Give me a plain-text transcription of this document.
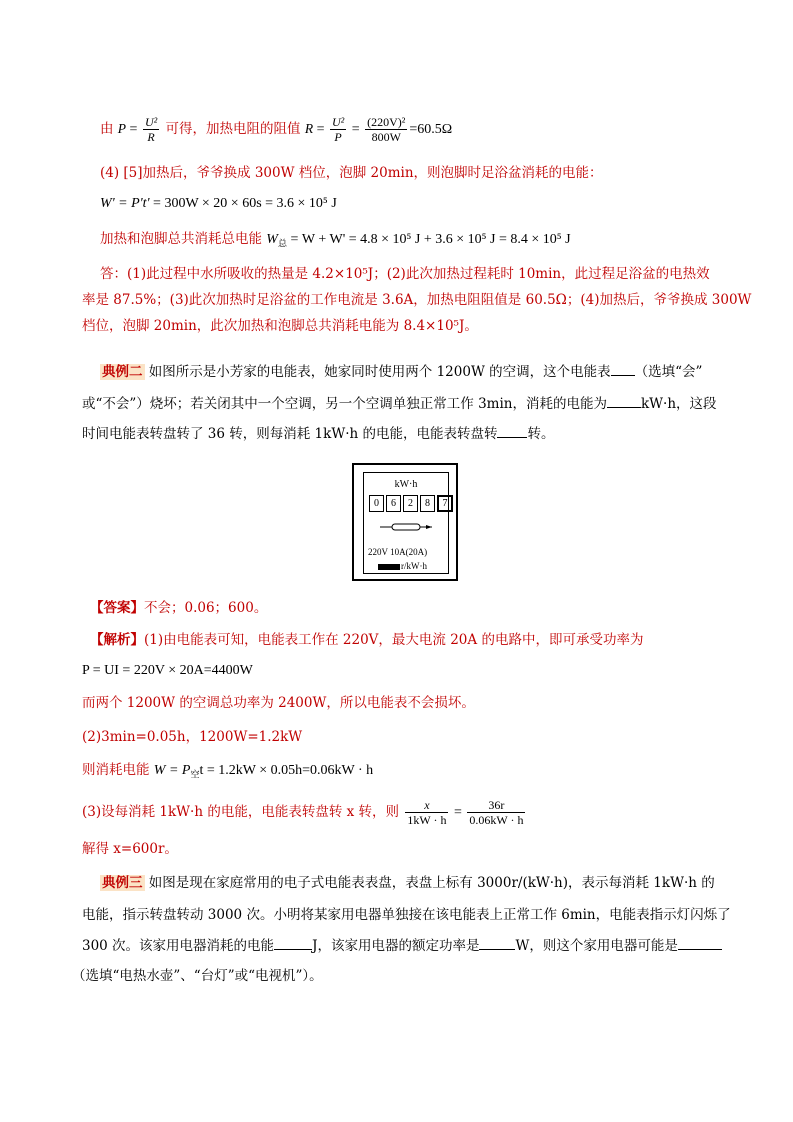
由 $P = \frac{\text{U²}}{R}$ 可得，加热电阻的阻值 $R = \frac{\text{U²}}{P} = \frac{\text{(220V)²}}{800W} =60.5\Omega$
(4) [5]加热后，爷爷换成 300W 档位，泡脚 20min，则泡脚时足浴盆消耗的电能：
W' = P't' = 300W × 20 × 60s = 3.6 × 10⁵ J
加热和泡脚总共消耗总电能 $W_总 = W + W' = 4.8 \times 10^5$ J + 3.6 × 10⁵ J = 8.4 × 10⁵ J
答：(1)此过程中水所吸收的热量是 4.2×10⁵J；(2)此次加热过程耗时 10min，此过程足浴盆的电热效
率是 87.5%；(3)此次加热时足浴盆的工作电流是 3.6A，加热电阻阻值是 60.5Ω；(4)加热后，爷爷换成 300W
档位，泡脚 20min，此次加热和泡脚总共消耗电能为 8.4×10⁵J。
典例二 如图所示是小芳家的电能表，她家同时使用两个 1200W 的空调，这个电能表 （选填“会”
或“不会”）烧坏；若关闭其中一个空调，另一个空调单独正常工作 3min，消耗的电能为	kW·h，这段
时间电能表转盘转了 36 转，则每消耗 1kW·h 的电能，电能表转盘转 转。
kW·h
0	6	2	8	7
220V 10A(20A)
r/kW·h
【答案】不会；0.06；600。
【解析】(1)由电能表可知，电能表工作在 220V，最大电流 20A 的电路中，即可承受功率为
P = UI = 220V × 20A=4400W
而两个 1200W 的空调总功率为 2400W，所以电能表不会损坏。
(2)3min=0.05h，1200W=1.2kW
则消耗电能 $W = P_空t = 1.2kW \times 0.05h=0.06kW \cdot h$
(3)设每消耗 1kW·h 的电能，电能表转盘转 x 转，则 $\frac{x}{1kW \cdot h} = \frac{36r}{0.06kW \cdot h}$
解得 x=600r。
典例三 如图是现在家庭常用的电子式电能表表盘，表盘上标有 3000r/(kW·h)，表示每消耗 1kW·h 的
电能，指示转盘转动 3000 次。小明将某家用电器单独接在该电能表上正常工作 6min，电能表指示灯闪烁了
300 次。该家用电器消耗的电能	J，该家用电器的额定功率是	W，则这个家用电器可能是
（选填“电热水壶”、“台灯”或“电视机”）。
